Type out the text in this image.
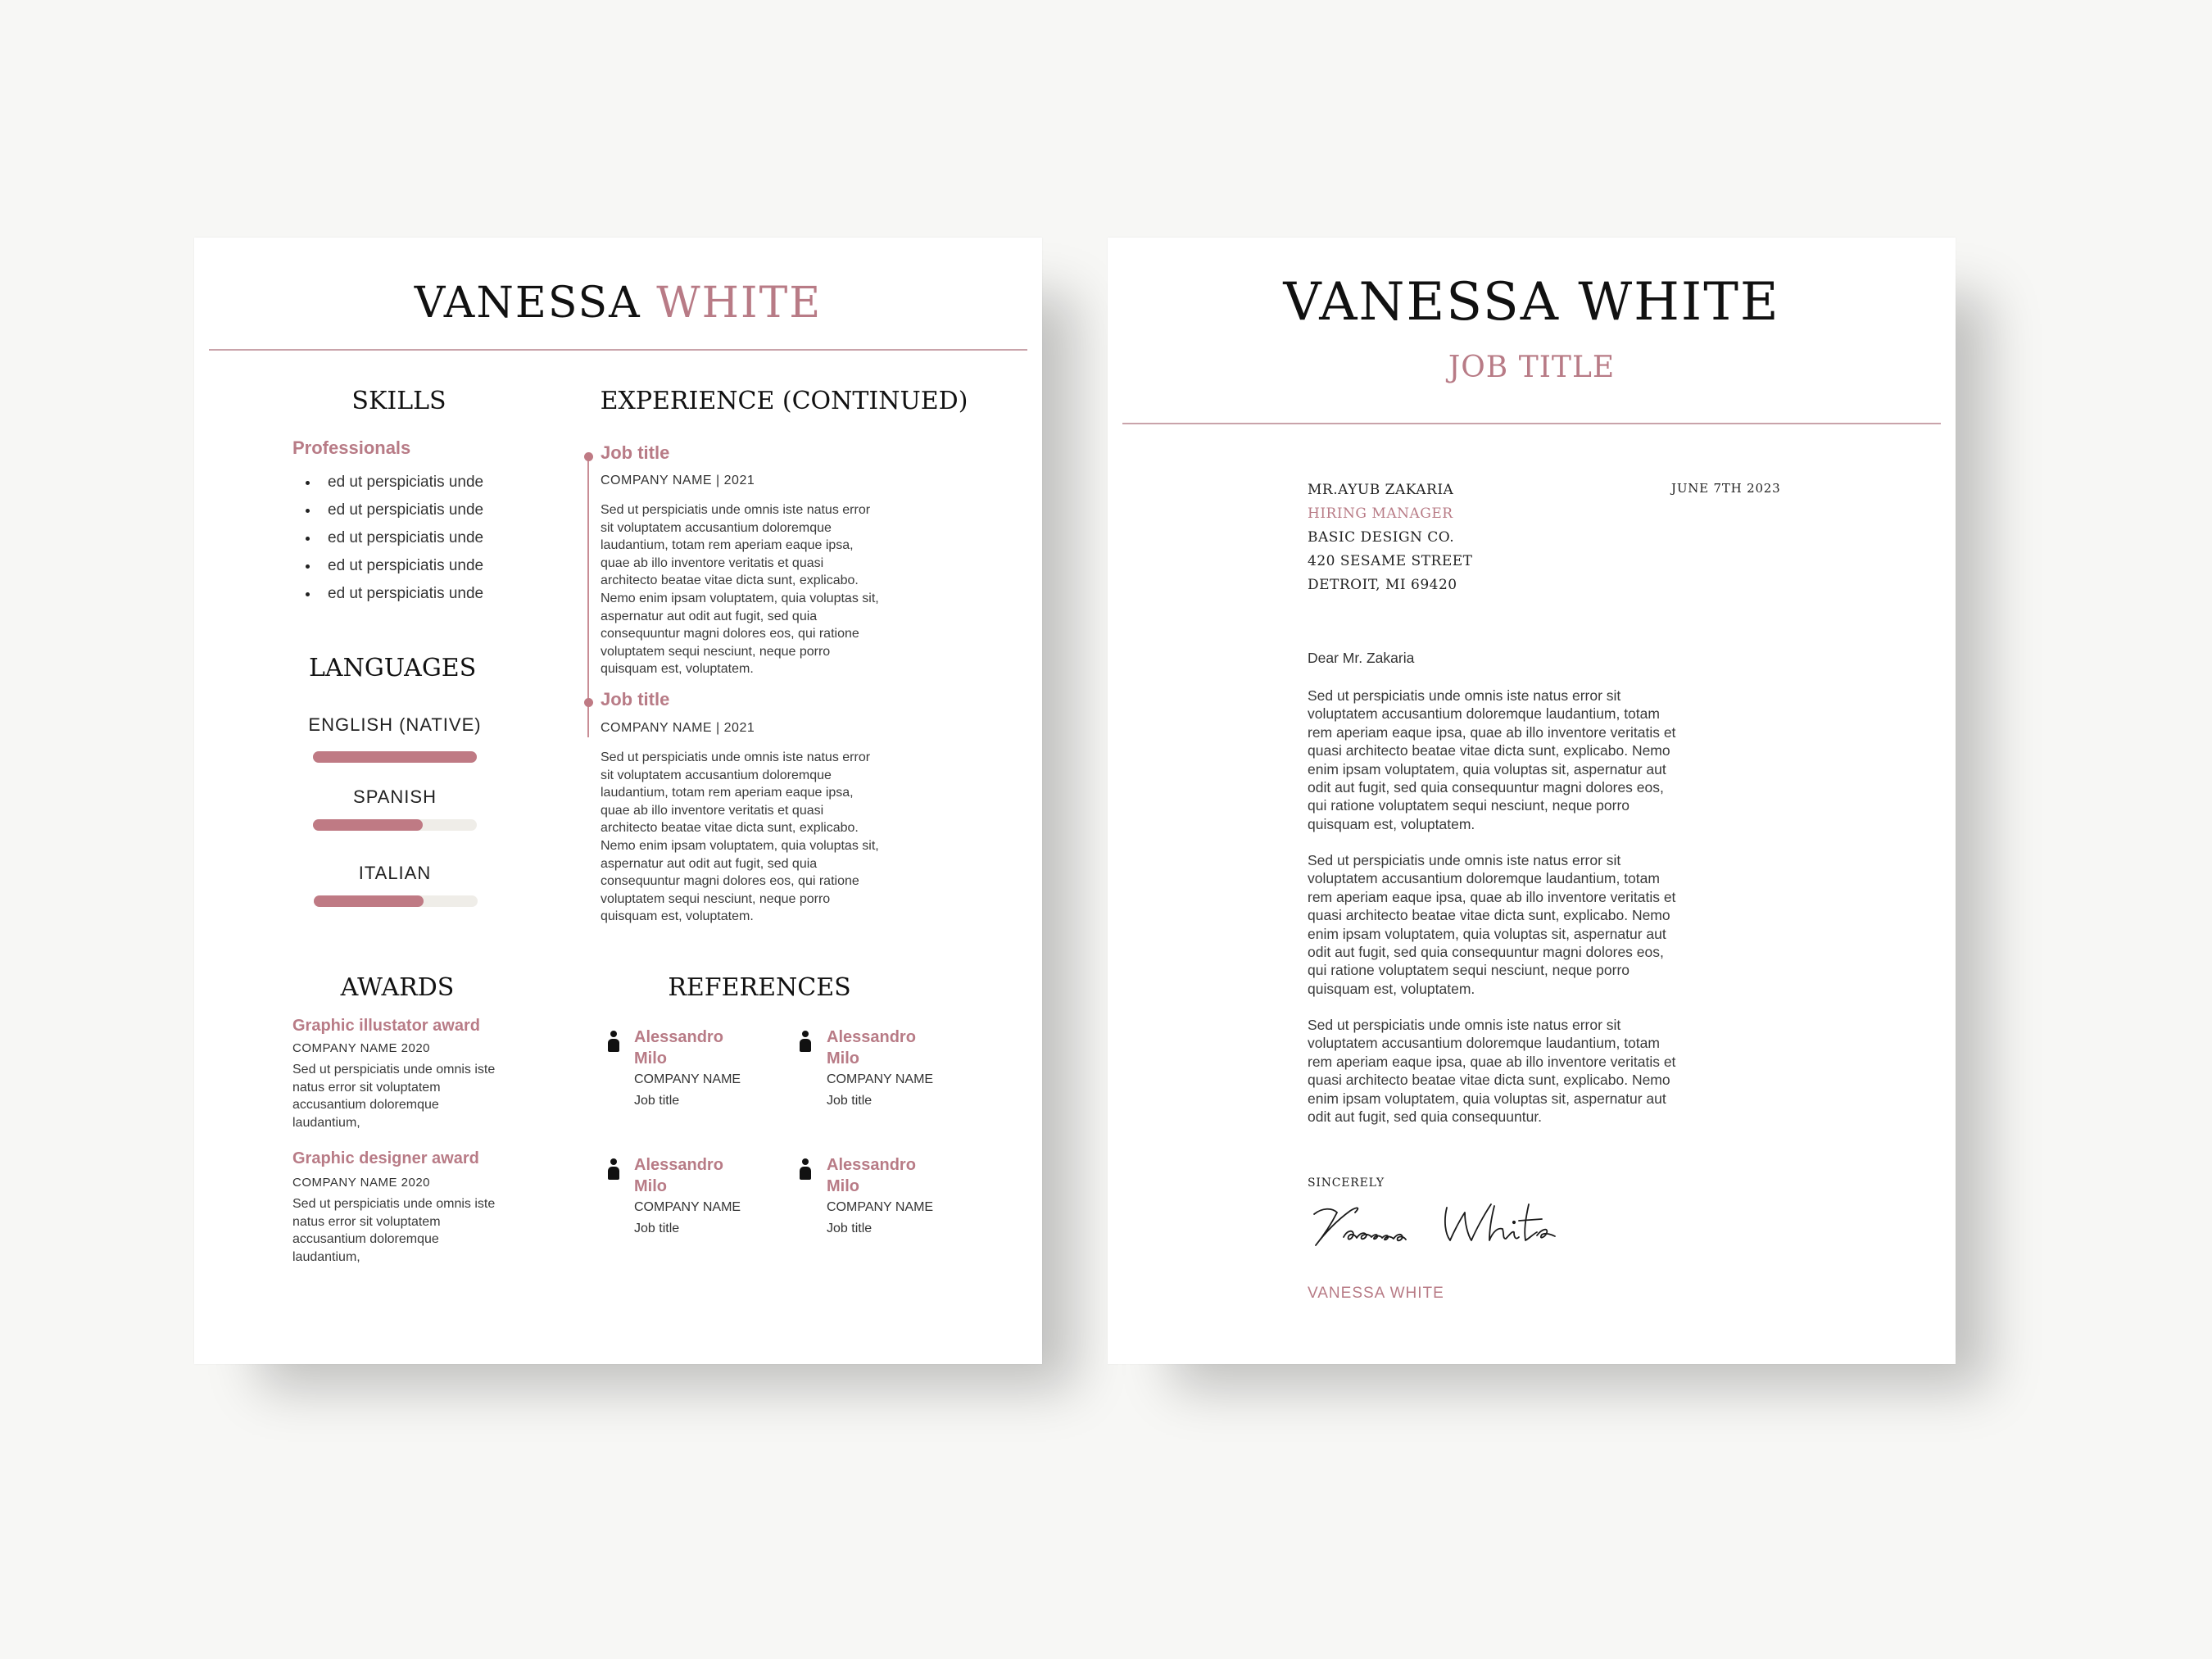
VANESSA WHITE
SKILLS
Professionals
ed ut perspiciatis unde
ed ut perspiciatis unde
ed ut perspiciatis unde
ed ut perspiciatis unde
ed ut perspiciatis unde
LANGUAGES
ENGLISH (NATIVE)
SPANISH
ITALIAN
EXPERIENCE (CONTINUED)
Job title
COMPANY NAME | 2021
Sed ut perspiciatis unde omnis iste natus error
sit voluptatem accusantium doloremque
laudantium, totam rem aperiam eaque ipsa,
quae ab illo inventore veritatis et quasi
architecto beatae vitae dicta sunt, explicabo.
Nemo enim ipsam voluptatem, quia voluptas sit,
aspernatur aut odit aut fugit, sed quia
consequuntur magni dolores eos, qui ratione
voluptatem sequi nesciunt, neque porro
quisquam est, voluptatem.
Job title
COMPANY NAME | 2021
Sed ut perspiciatis unde omnis iste natus error
sit voluptatem accusantium doloremque
laudantium, totam rem aperiam eaque ipsa,
quae ab illo inventore veritatis et quasi
architecto beatae vitae dicta sunt, explicabo.
Nemo enim ipsam voluptatem, quia voluptas sit,
aspernatur aut odit aut fugit, sed quia
consequuntur magni dolores eos, qui ratione
voluptatem sequi nesciunt, neque porro
quisquam est, voluptatem.
AWARDS
Graphic illustator award
COMPANY NAME 2020
Sed ut perspiciatis unde omnis iste
natus error sit voluptatem
accusantium doloremque
laudantium,
Graphic designer award
COMPANY NAME 2020
Sed ut perspiciatis unde omnis iste
natus error sit voluptatem
accusantium doloremque
laudantium,
REFERENCES
Alessandro
Milo
COMPANY NAME
Job title
Alessandro
Milo
COMPANY NAME
Job title
Alessandro
Milo
COMPANY NAME
Job title
Alessandro
Milo
COMPANY NAME
Job title
VANESSA WHITE
JOB TITLE
MR.AYUB ZAKARIA
HIRING MANAGER
BASIC DESIGN CO.
420 SESAME STREET
DETROIT, MI 69420
JUNE 7TH 2023
Dear Mr. Zakaria
Sed ut perspiciatis unde omnis iste natus error sit
voluptatem accusantium doloremque laudantium, totam
rem aperiam eaque ipsa, quae ab illo inventore veritatis et
quasi architecto beatae vitae dicta sunt, explicabo. Nemo
enim ipsam voluptatem, quia voluptas sit, aspernatur aut
odit aut fugit, sed quia consequuntur magni dolores eos,
qui ratione voluptatem sequi nesciunt, neque porro
quisquam est, voluptatem.
Sed ut perspiciatis unde omnis iste natus error sit
voluptatem accusantium doloremque laudantium, totam
rem aperiam eaque ipsa, quae ab illo inventore veritatis et
quasi architecto beatae vitae dicta sunt, explicabo. Nemo
enim ipsam voluptatem, quia voluptas sit, aspernatur aut
odit aut fugit, sed quia consequuntur magni dolores eos,
qui ratione voluptatem sequi nesciunt, neque porro
quisquam est, voluptatem.
Sed ut perspiciatis unde omnis iste natus error sit
voluptatem accusantium doloremque laudantium, totam
rem aperiam eaque ipsa, quae ab illo inventore veritatis et
quasi architecto beatae vitae dicta sunt, explicabo. Nemo
enim ipsam voluptatem, quia voluptas sit, aspernatur aut
odit aut fugit, sed quia consequuntur.
SINCERELY
VANESSA WHITE
